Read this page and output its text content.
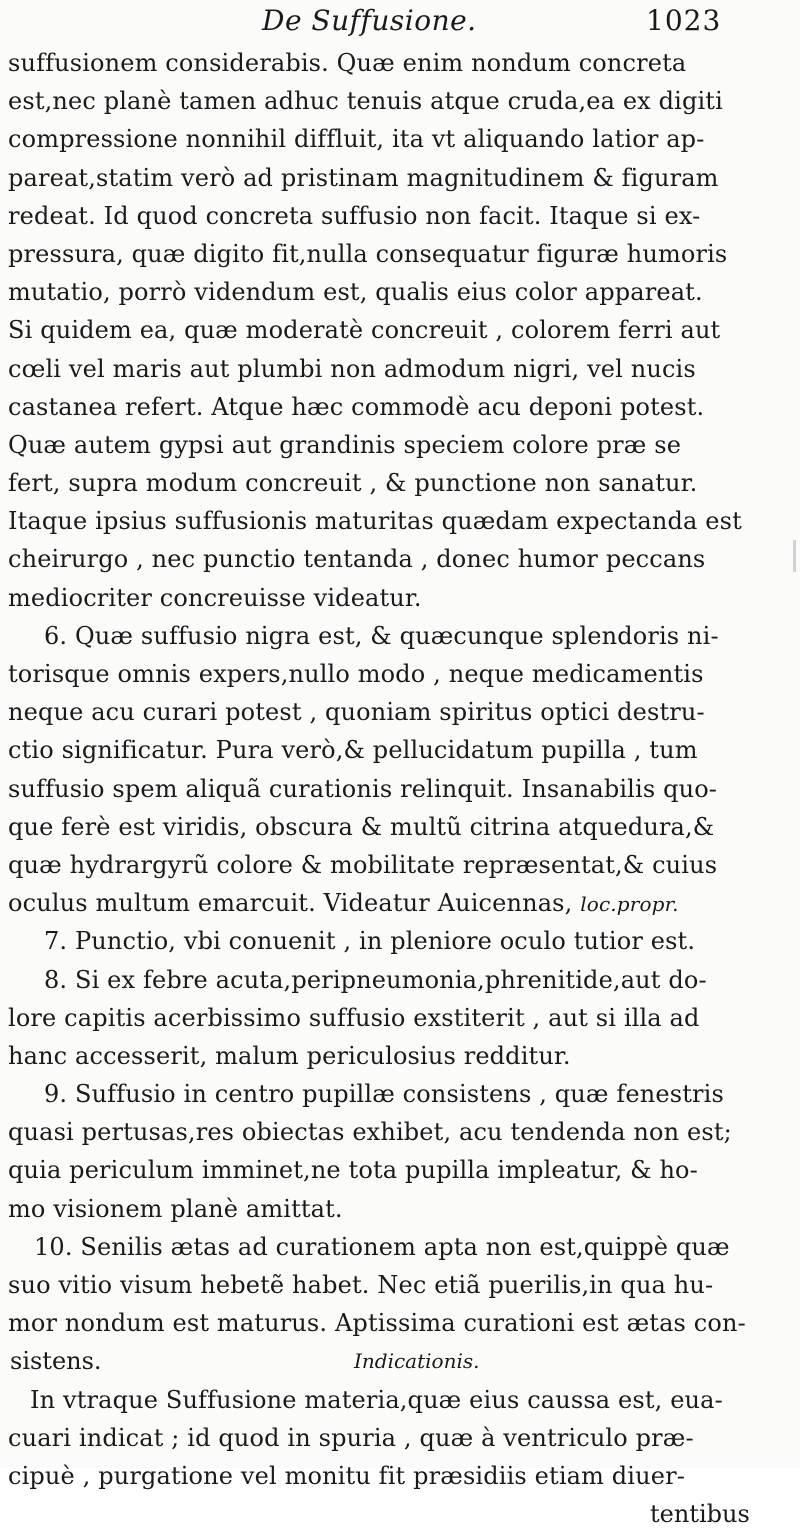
De Suffusione.	1023
suffusionem considerabis. Quæ enim nondum concreta
est,nec planè tamen adhuc tenuis atque cruda,ea ex digiti
compressione nonnihil diffluit, ita vt aliquando latior ap-
pareat,statim verò ad pristinam magnitudinem & figuram
redeat. Id quod concreta suffusio non facit. Itaque si ex-
pressura, quæ digito fit,nulla consequatur figuræ humoris
mutatio, porrò videndum est, qualis eius color appareat.
Si quidem ea, quæ moderatè concreuit , colorem ferri aut
cœli vel maris aut plumbi non admodum nigri, vel nucis
castanea refert. Atque hæc commodè acu deponi potest.
Quæ autem gypsi aut grandinis speciem colore præ se
fert, supra modum concreuit , & punctione non sanatur.
Itaque ipsius suffusionis maturitas quædam expectanda est
cheirurgo , nec punctio tentanda , donec humor peccans
mediocriter concreuisse videatur.
6. Quæ suffusio nigra est, & quæcunque splendoris ni-
torisque omnis expers,nullo modo , neque medicamentis
neque acu curari potest , quoniam spiritus optici destru-
ctio significatur. Pura verò,& pellucidatum pupilla , tum
suffusio spem aliquã curationis relinquit. Insanabilis quo-
que ferè est viridis, obscura & multũ citrina atquedura,&
quæ hydrargyrũ colore & mobilitate repræsentat,& cuius
oculus multum emarcuit. Videatur Auicennas, loc.propr.
7. Punctio, vbi conuenit , in pleniore oculo tutior est.
8. Si ex febre acuta,peripneumonia,phrenitide,aut do-
lore capitis acerbissimo suffusio exstiterit , aut si illa ad
hanc accesserit, malum periculosius redditur.
9. Suffusio in centro pupillæ consistens , quæ fenestris
quasi pertusas,res obiectas exhibet, acu tendenda non est;
quia periculum imminet,ne tota pupilla impleatur, & ho-
mo visionem planè amittat.
10. Senilis ætas ad curationem apta non est,quippè quæ
suo vitio visum hebetẽ habet. Nec etiã puerilis,in qua hu-
mor nondum est maturus. Aptissima curationi est ætas con-
sistens.	Indicationis.
In vtraque Suffusione materia,quæ eius caussa est, eua-
cuari indicat ; id quod in spuria , quæ à ventriculo præ-
cipuè , purgatione vel monitu fit præsidiis etiam diuer-
tentibus
